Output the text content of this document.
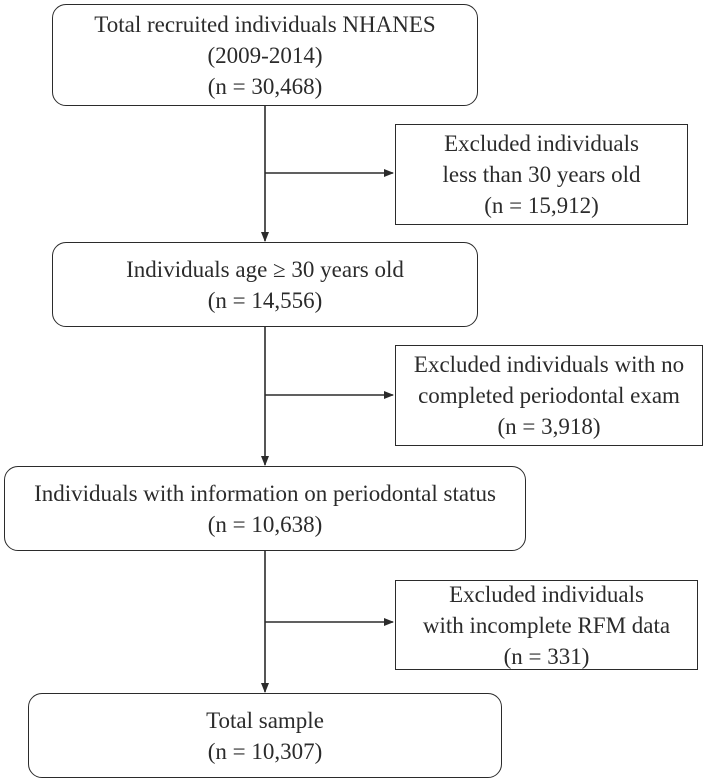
Total recruited individuals NHANES
(2009-2014)
(n = 30,468)
Individuals age ≥ 30 years old
(n = 14,556)
Individuals with information on periodontal status
(n = 10,638)
Total sample
(n = 10,307)
Excluded individuals
less than 30 years old
(n = 15,912)
Excluded individuals with no
completed periodontal exam
(n = 3,918)
Excluded individuals
with incomplete RFM data
(n = 331)
